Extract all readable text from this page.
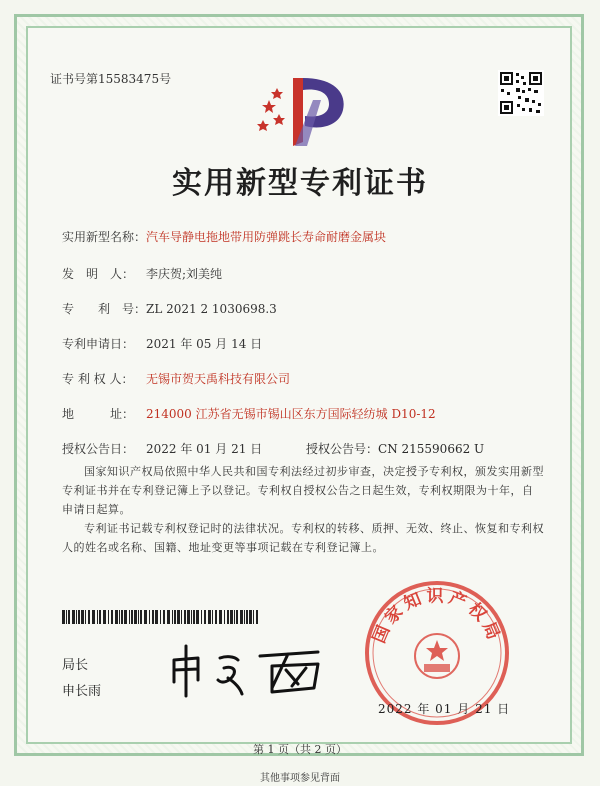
证书号第15583475号
实用新型专利证书
实用新型名称：汽车导静电拖地带用防弹跳长寿命耐磨金属块
发　明　人： 李庆贺;刘美纯
专　　利　号：ZL 2021 2 1030698.3
专利申请日： 2021 年 05 月 14 日
专 利 权 人： 无锡市贺天禹科技有限公司
地　　　址： 214000 江苏省无锡市锡山区东方国际轻纺城 D10-12
授权公告日： 2022 年 01 月 21 日	授权公告号：CN 215590662 U
国家知识产权局依照中华人民共和国专利法经过初步审查，决定授予专利权，颁发实用新型专利证书并在专利登记簿上予以登记。专利权自授权公告之日起生效，专利权期限为十年，自申请日起算。
专利证书记载专利权登记时的法律状况。专利权的转移、质押、无效、终止、恢复和专利权人的姓名或名称、国籍、地址变更等事项记载在专利登记簿上。
局长
申长雨
国家知识产权局
2022 年 01 月 21 日
第 1 页（共 2 页）
其他事项参见背面
